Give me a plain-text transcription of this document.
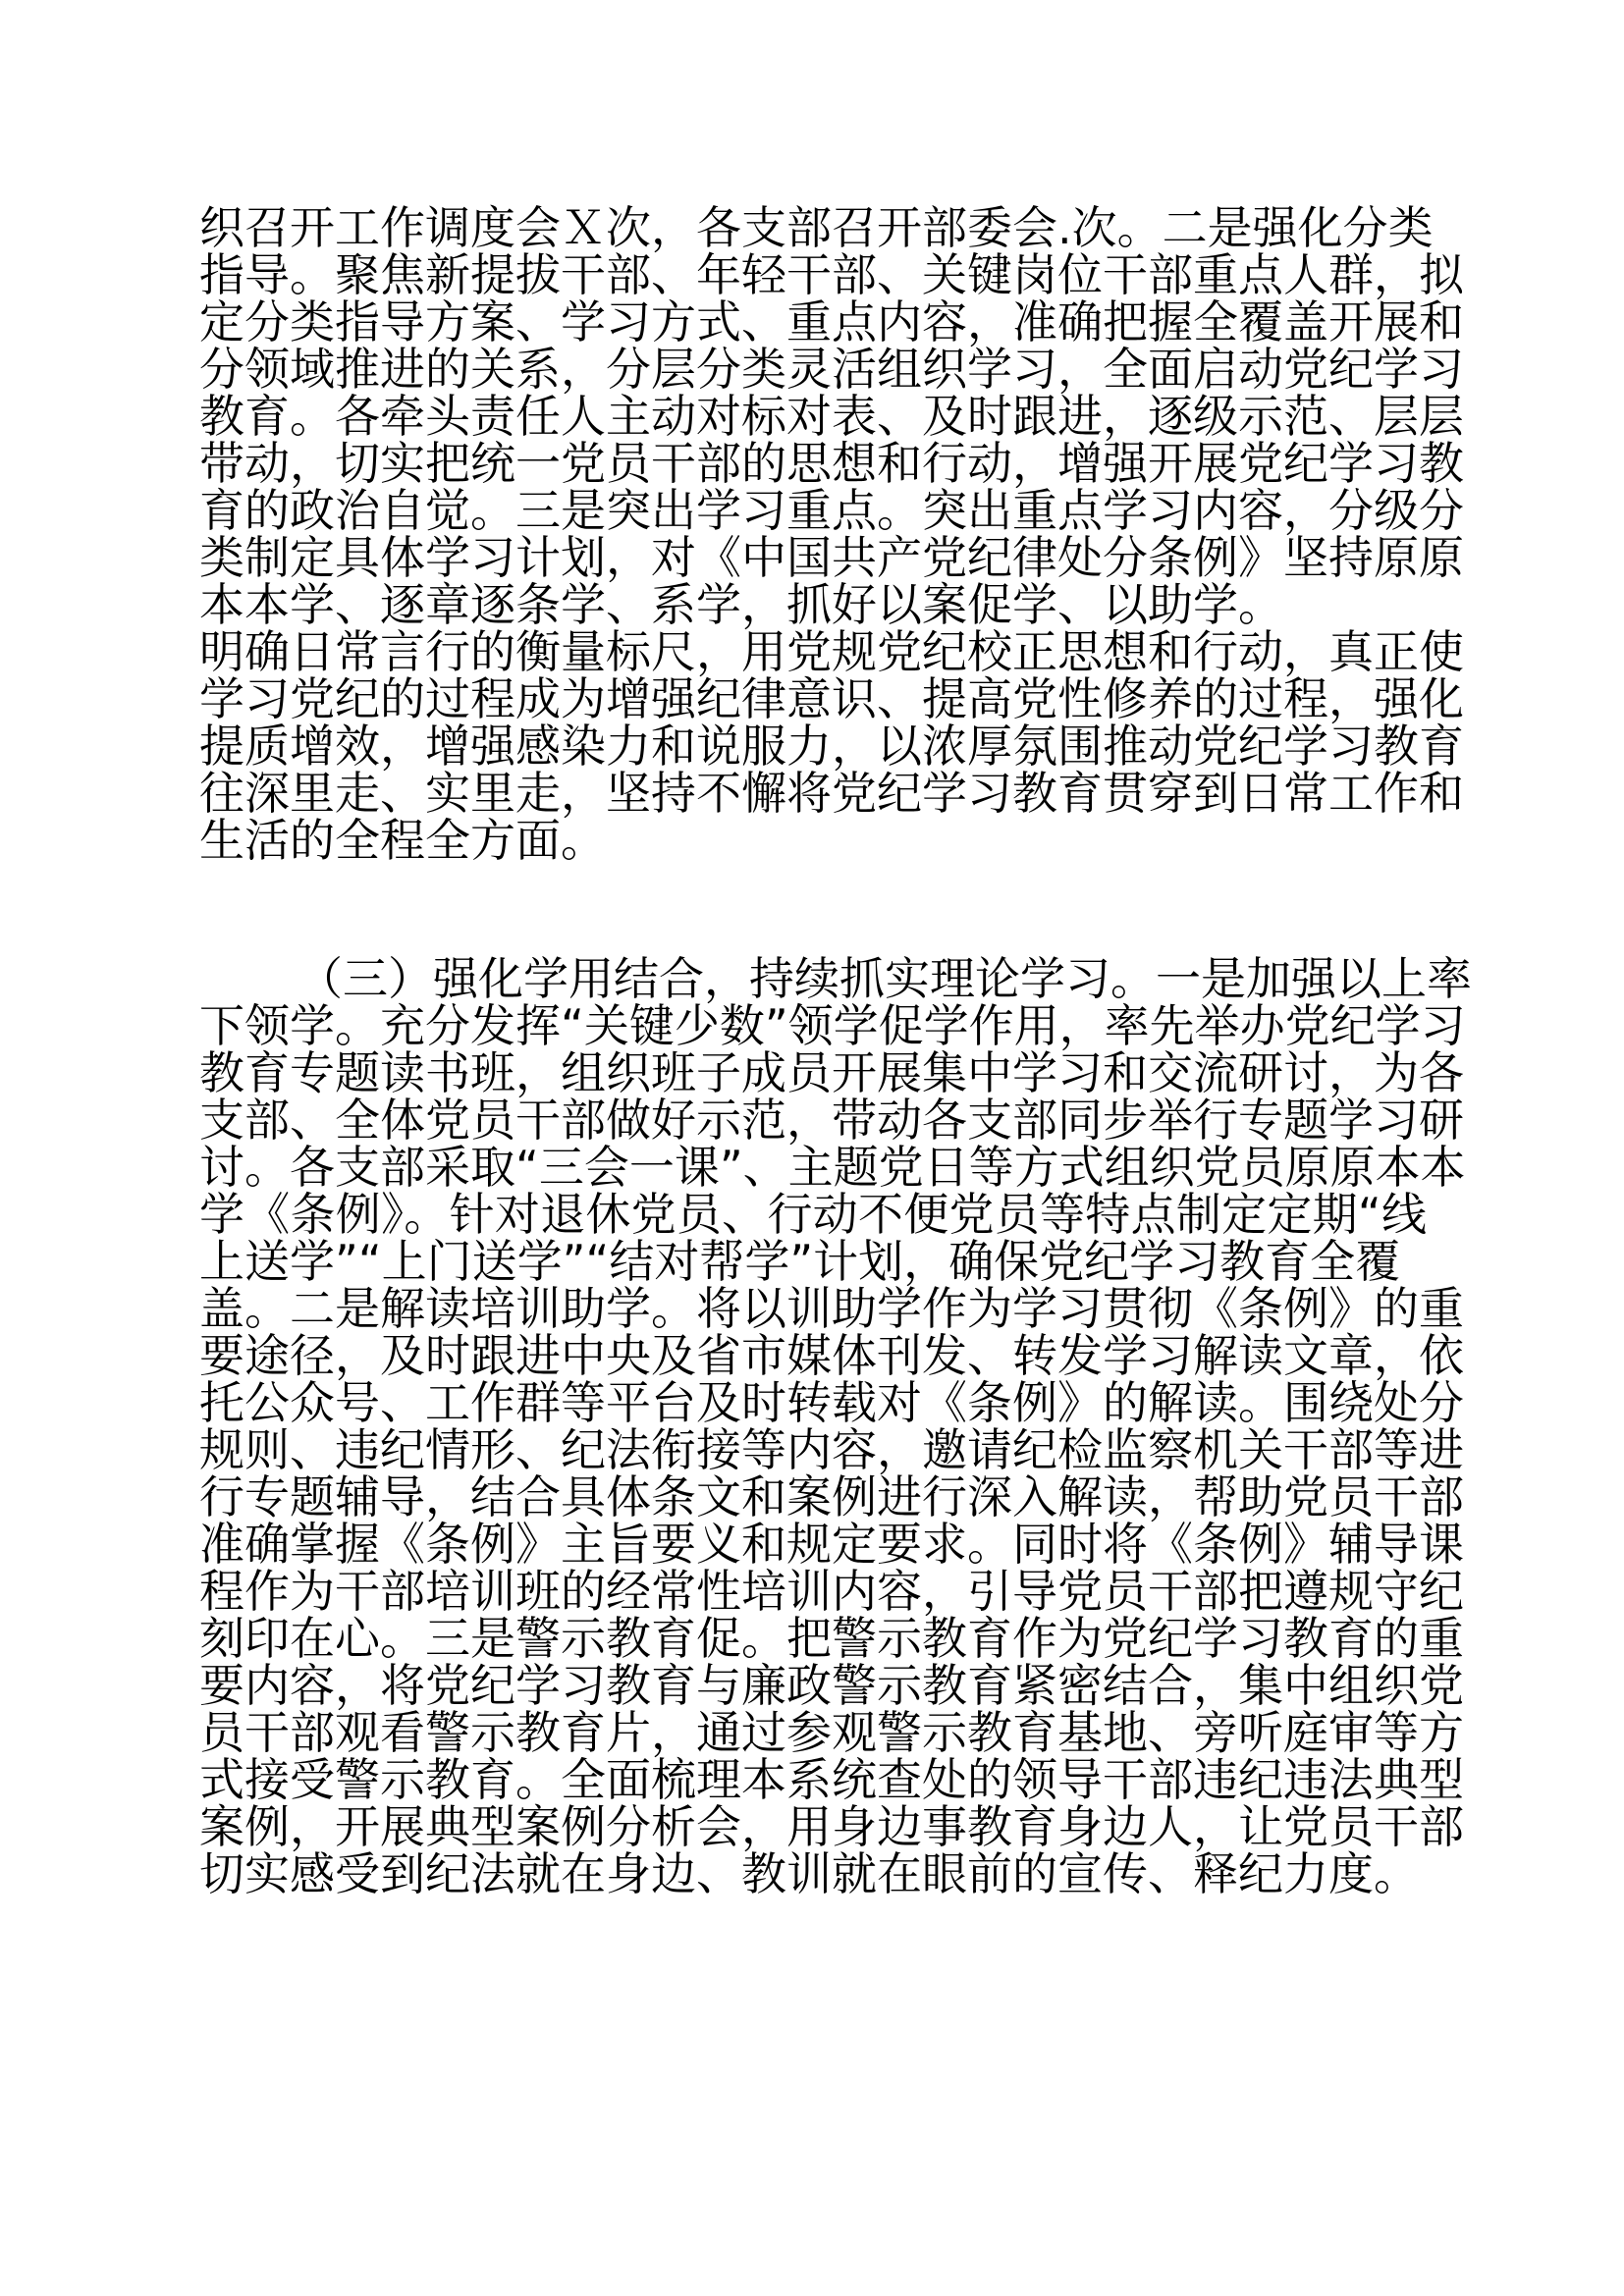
织召开工作调度会Ｘ次，各支部召开部委会.次。二是强化分类
指导。聚焦新提拔干部、年轻干部、关键岗位干部重点人群，拟
定分类指导方案、学习方式、重点内容，准确把握全覆盖开展和
分领域推进的关系，分层分类灵活组织学习，全面启动党纪学习
教育。各牵头责任人主动对标对表、及时跟进，逐级示范、层层
带动，切实把统一党员干部的思想和行动，增强开展党纪学习教
育的政治自觉。三是突出学习重点。突出重点学习内容，分级分
类制定具体学习计划，对《中国共产党纪律处分条例》坚持原原
本本学、逐章逐条学、系学，抓好以案促学、以助学。
明确日常言行的衡量标尺，用党规党纪校正思想和行动，真正使
学习党纪的过程成为增强纪律意识、提高党性修养的过程，强化
提质增效，增强感染力和说服力，以浓厚氛围推动党纪学习教育
往深里走、实里走，坚持不懈将党纪学习教育贯穿到日常工作和
生活的全程全方面。
（三）强化学用结合，持续抓实理论学习。一是加强以上率
下领学。充分发挥“关键少数”领学促学作用，率先举办党纪学习
教育专题读书班，组织班子成员开展集中学习和交流研讨，为各
支部、全体党员干部做好示范，带动各支部同步举行专题学习研
讨。各支部采取“三会一课”、主题党日等方式组织党员原原本本
学《条例》。针对退休党员、行动不便党员等特点制定定期“线
上送学”“上门送学”“结对帮学”计划，确保党纪学习教育全覆
盖。二是解读培训助学。将以训助学作为学习贯彻《条例》的重
要途径，及时跟进中央及省市媒体刊发、转发学习解读文章，依
托公众号、工作群等平台及时转载对《条例》的解读。围绕处分
规则、违纪情形、纪法衔接等内容，邀请纪检监察机关干部等进
行专题辅导，结合具体条文和案例进行深入解读，帮助党员干部
准确掌握《条例》主旨要义和规定要求。同时将《条例》辅导课
程作为干部培训班的经常性培训内容，引导党员干部把遵规守纪
刻印在心。三是警示教育促。把警示教育作为党纪学习教育的重
要内容，将党纪学习教育与廉政警示教育紧密结合，集中组织党
员干部观看警示教育片，通过参观警示教育基地、旁听庭审等方
式接受警示教育。全面梳理本系统查处的领导干部违纪违法典型
案例，开展典型案例分析会，用身边事教育身边人，让党员干部
切实感受到纪法就在身边、教训就在眼前的宣传、释纪力度。
